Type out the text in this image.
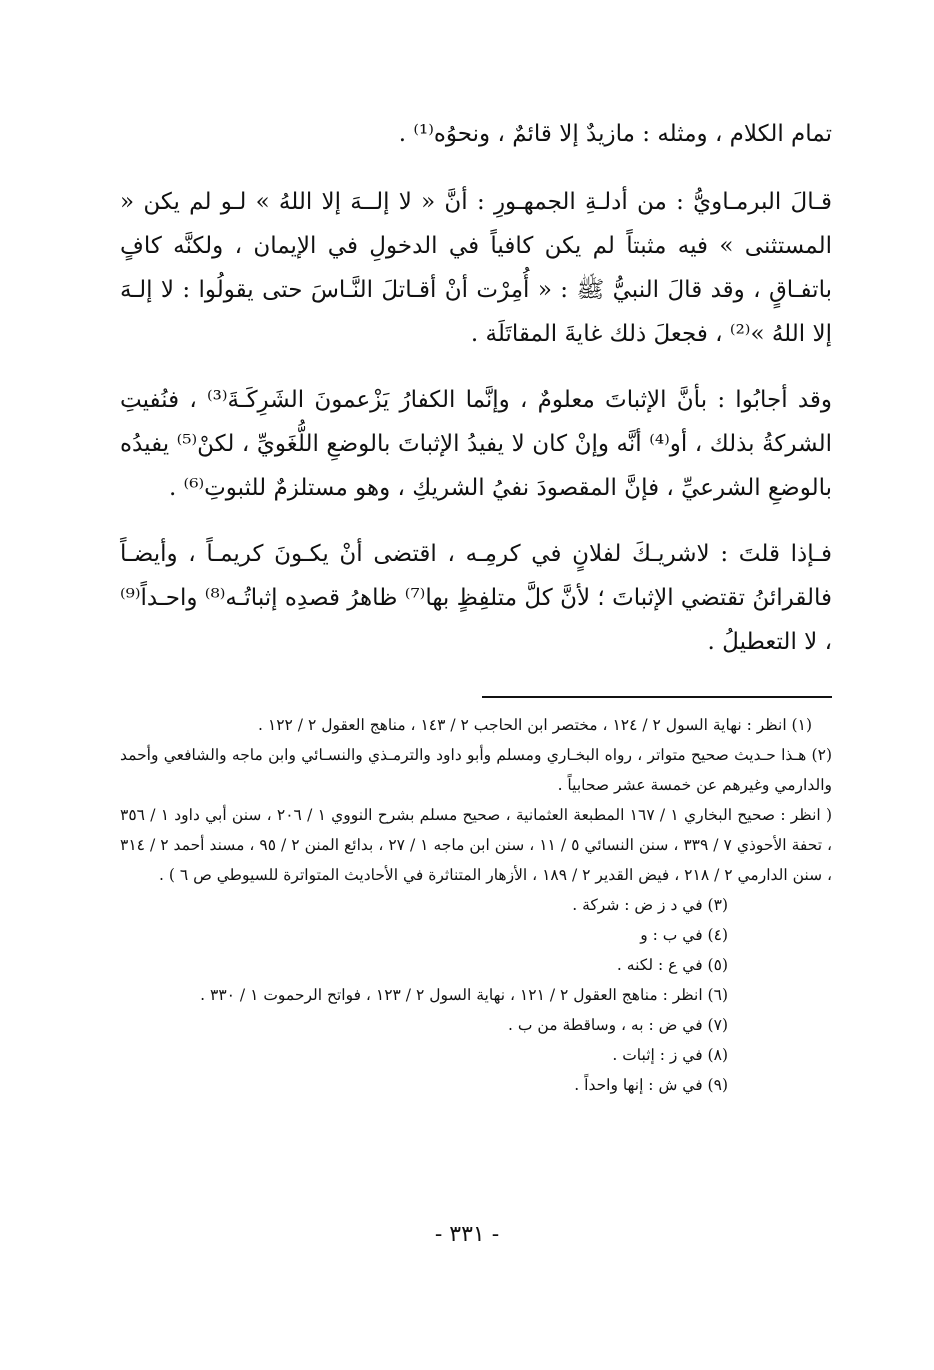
تمام الكلام ، ومثله : مازيدٌ إلا قائمٌ ، ونحوُه⁽¹⁾ .

قـالَ البرمـاويُّ : من أدلـةِ الجمهـورِ : أنَّ « لا إلــهَ إلا اللهُ » لـو لم يكن « المستثنى » فيه مثبتاً لم يكن كافياً في الدخولِ في الإيمان ، ولكنَّه كافٍ باتفـاقٍ ، وقد قالَ النبيُّ ﷺ : « أُمِرْت أنْ أقـاتلَ النَّـاسَ حتى يقولُوا : لا إلـهَ إلا اللهُ »⁽²⁾ ، فجعلَ ذلك غايةَ المقاتَلَة .

وقد أجابُوا : بأنَّ الإثباتَ معلومٌ ، وإنَّما الكفارُ يَزْعمونَ الشَرِكَـةَ⁽³⁾ ، فنُفيتِ الشركةُ بذلك ، أو⁽⁴⁾ أنَّه وإنْ كان لا يفيدُ الإثباتَ بالوضعِ اللُّغَويِّ ، لكنْ⁽⁵⁾ يفيدُه بالوضعِ الشرعيِّ ، فإنَّ المقصودَ نفيُ الشريكِ ، وهو مستلزمٌ للثبوتِ⁽⁶⁾ .

فـإذا قلتَ : لاشريـكَ لفلانٍ في كرمِـه ، اقتضى أنْ يكـونَ كريمـاً ، وأيضـاً فالقرائنُ تقتضي الإثباتَ ؛ لأنَّ كلَّ متلفِظٍ بها⁽⁷⁾ ظاهرُ قصدِه إثباتُـه⁽⁸⁾ واحـداً⁽⁹⁾ ، لا التعطيلُ .

(١) انظر : نهاية السول ٢ / ١٢٤ ، مختصر ابن الحاجب ٢ / ١٤٣ ، مناهج العقول ٢ / ١٢٢ .

(٢) هـذا حـديث صحيح متواتر ، رواه البخـاري ومسلم وأبو داود والترمـذي والنسـائي وابن ماجه والشافعي وأحمد والدارمي وغيرهم عن خمسة عشر صحابياً .

( انظر : صحيح البخاري ١ / ١٦٧ المطبعة العثمانية ، صحيح مسلم بشرح النووي ١ / ٢٠٦ ، سنن أبي داود ١ / ٣٥٦ ، تحفة الأحوذي ٧ / ٣٣٩ ، سنن النسائي ٥ / ١١ ، سنن ابن ماجه ١ / ٢٧ ، بدائع المنن ٢ / ٩٥ ، مسند أحمد ٢ / ٣١٤ ، سنن الدارمي ٢ / ٢١٨ ، فيض القدير ٢ / ١٨٩ ، الأزهار المتناثرة في الأحاديث المتواترة للسيوطي ص ٦ ) .

(٣) في د ز ض : شركة .

(٤) في ب : و

(٥) في ع : لكنه .

(٦) انظر : مناهج العقول ٢ / ١٢١ ، نهاية السول ٢ / ١٢٣ ، فواتح الرحموت ١ / ٣٣٠ .

(٧) في ض : به ، وساقطة من ب .

(٨) في ز : إثبات .

(٩) في ش : إنها واحداً .

- ٣٣١ -
